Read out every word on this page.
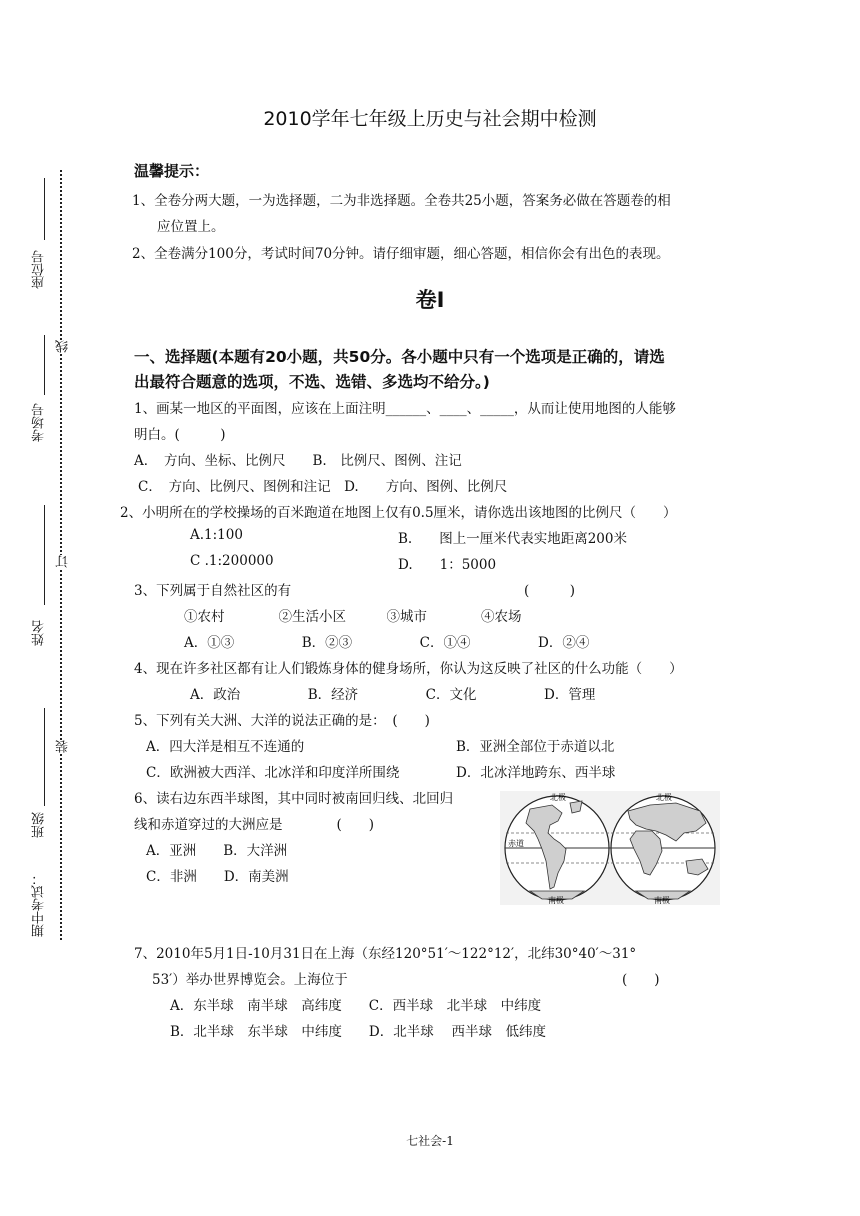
座位号
考场号
线
姓名
订
班级
装
期中考试：
2010学年七年级上历史与社会期中检测
温馨提示：
1、全卷分两大题，一为选择题，二为非选择题。全卷共25小题，答案务必做在答题卷的相
应位置上。
2、全卷满分100分，考试时间70分钟。请仔细审题，细心答题，相信你会有出色的表现。
卷Ⅰ
一、选择题(本题有20小题，共50分。各小题中只有一个选项是正确的，请选
出最符合题意的选项，不选、选错、多选均不给分。)
1、画某一地区的平面图，应该在上面注明______、____、_____，从而让使用地图的人能够
明白。(　　　)
A．　方向、坐标、比例尺　　B.　比例尺、图例、注记
C．　方向、比例尺、图例和注记　D.　　方向、图例、比例尺
2、小明所在的学校操场的百米跑道在地图上仅有0.5厘米，请你选出该地图的比例尺（　　）
A.1:100	B.　　图上一厘米代表实地距离200米
C .1:200000	D.　　1：5000
3、下列属于自然社区的有	(　　　)
①农村　　　　②生活小区　　　③城市　　　　④农场
A．①③　　　　　B．②③　　　　　C．①④　　　　　D．②④
4、现在许多社区都有让人们锻炼身体的健身场所，你认为这反映了社区的什么功能（　　）
A．政治　　　　　B．经济　　　　　C．文化　　　　　D．管理
5、下列有关大洲、大洋的说法正确的是：　(　　)
A．四大洋是相互不连通的	B．亚洲全部位于赤道以北
C．欧洲被大西洋、北冰洋和印度洋所围绕	D．北冰洋地跨东、西半球
6、读右边东西半球图，其中同时被南回归线、北回归
线和赤道穿过的大洲应是　　　　(　　)
A．亚洲　　B．大洋洲
C．非洲　　D．南美洲
北极	北极
赤道
南极	南极
7、2010年5月1日-10月31日在上海（东经120°51′～122°12′，北纬30°40′～31°
53′）举办世界博览会。上海位于	(　　)
A．东半球　南半球　高纬度　　C．西半球　北半球　中纬度
B．北半球　东半球　中纬度　　D．北半球　 西半球　低纬度
七社会-1
